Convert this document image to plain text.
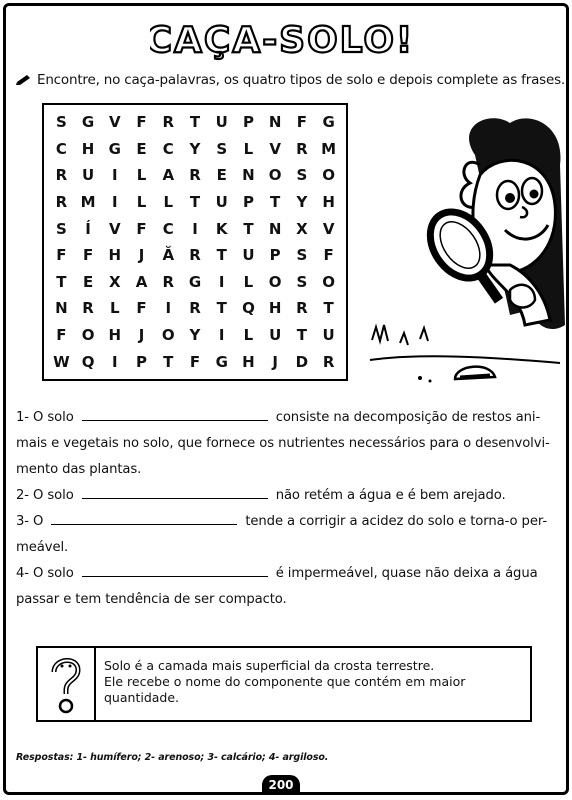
CAÇA-SOLO!
Encontre, no caça-palavras, os quatro tipos de solo e depois complete as frases.
S	G V	F	R	T	U	P N	F	G
C H G	E	C	Y	S	L	V	R M
R U	I	L	A	R	E	N O S O
R M	I	L	L	T	U	P	T	Y	H
S	Í	V	F	C	I	K	T	N X	V
F	F	H	J	Ă	R	T	U	P	S	F
T	E	X	A	R G	I	L	O S O
N R	L	F	I	R	T	Q H R	T
F	O H	J	O Y	I	L	U	T	U
W Q	I	P	T	F	G H	J	D R
1- O solo	consiste na decomposição de restos ani-
mais e vegetais no solo, que fornece os nutrientes necessários para o desenvolvi-
mento das plantas.
2- O solo	não retém a água e é bem arejado.
3- O	tende a corrigir a acidez do solo e torna-o per-
meável.
4- O solo	é impermeável, quase não deixa a água
passar e tem tendência de ser compacto.
Solo é a camada mais superficial da crosta terrestre.
Ele recebe o nome do componente que contém em maior
quantidade.
Respostas: 1- humífero; 2- arenoso; 3- calcário; 4- argiloso.
200
